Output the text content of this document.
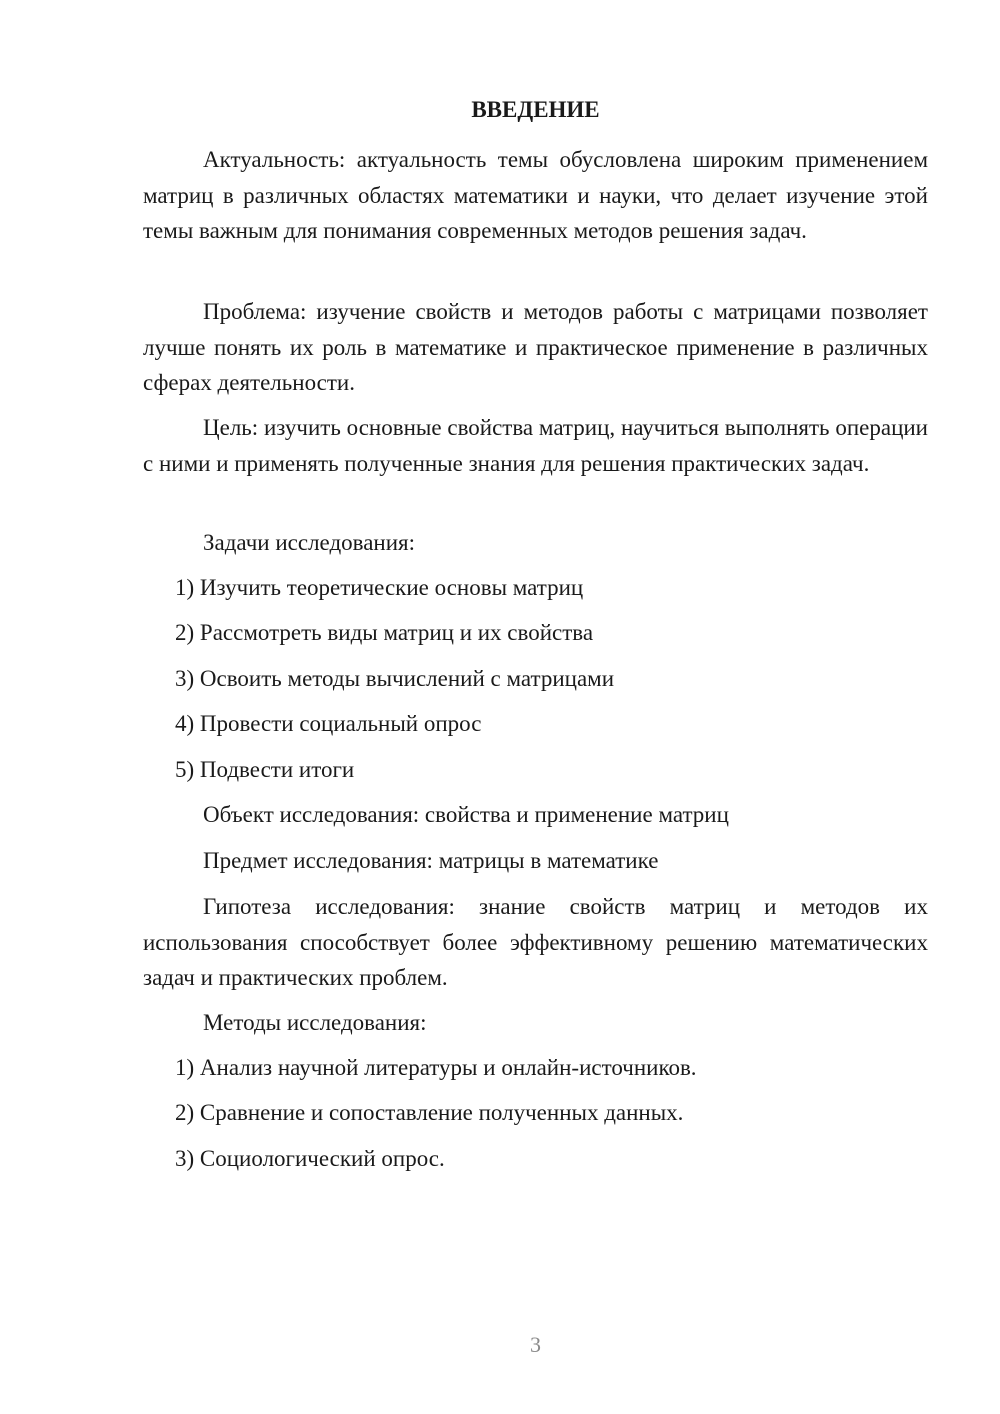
ВВЕДЕНИЕ

Актуальность: актуальность темы обусловлена широким применением матриц в различных областях математики и науки, что делает изучение этой темы важным для понимания современных методов решения задач.

Проблема: изучение свойств и методов работы с матрицами позволяет лучше понять их роль в математике и практическое применение в различных сферах деятельности.

Цель: изучить основные свойства матриц, научиться выполнять операции с ними и применять полученные знания для решения практических задач.

Задачи исследования:

1) Изучить теоретические основы матриц

2) Рассмотреть виды матриц и их свойства

3) Освоить методы вычислений с матрицами

4) Провести социальный опрос

5) Подвести итоги

Объект исследования: свойства и применение матриц

Предмет исследования: матрицы в математике

Гипотеза исследования: знание свойств матриц и методов их использования способствует более эффективному решению математических задач и практических проблем.

Методы исследования:

1) Анализ научной литературы и онлайн-источников.

2) Сравнение и сопоставление полученных данных.

3) Социологический опрос.

3
